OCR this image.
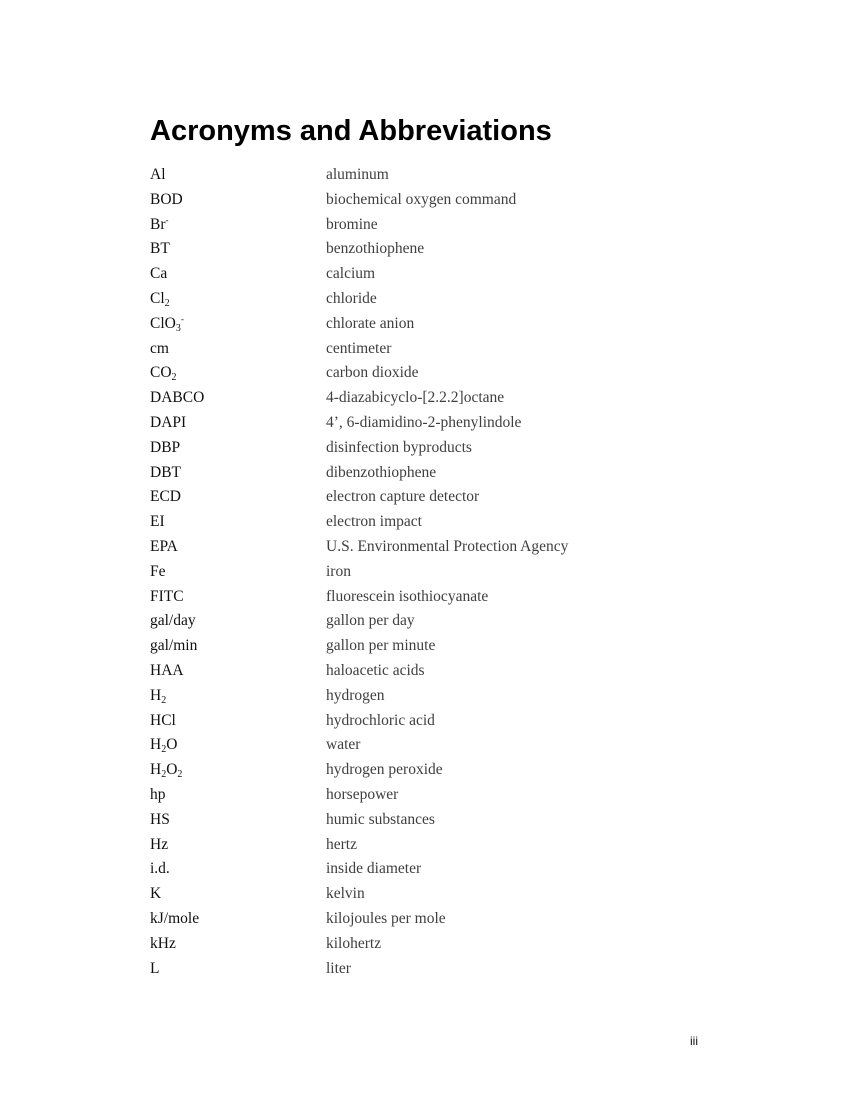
Acronyms and Abbreviations
Al	aluminum
BOD	biochemical oxygen command
Br-	bromine
BT	benzothiophene
Ca	calcium
$Cl_2$	chloride
ClO$_3$-	chlorate anion
cm	centimeter
$CO_2$	carbon dioxide
DABCO	4-diazabicyclo-[2.2.2]octane
DAPI	4’, 6-diamidino-2-phenylindole
DBP	disinfection byproducts
DBT	dibenzothiophene
ECD	electron capture detector
EI	electron impact
EPA	U.S. Environmental Protection Agency
Fe	iron
FITC	fluorescein isothiocyanate
gal/day	gallon per day
gal/min	gallon per minute
HAA	haloacetic acids
$H_2$	hydrogen
HCl	hydrochloric acid
$H_2O$	water
$H_2O_2$	hydrogen peroxide
hp	horsepower
HS	humic substances
Hz	hertz
i.d.	inside diameter
K	kelvin
kJ/mole	kilojoules per mole
kHz	kilohertz
L	liter
iii
